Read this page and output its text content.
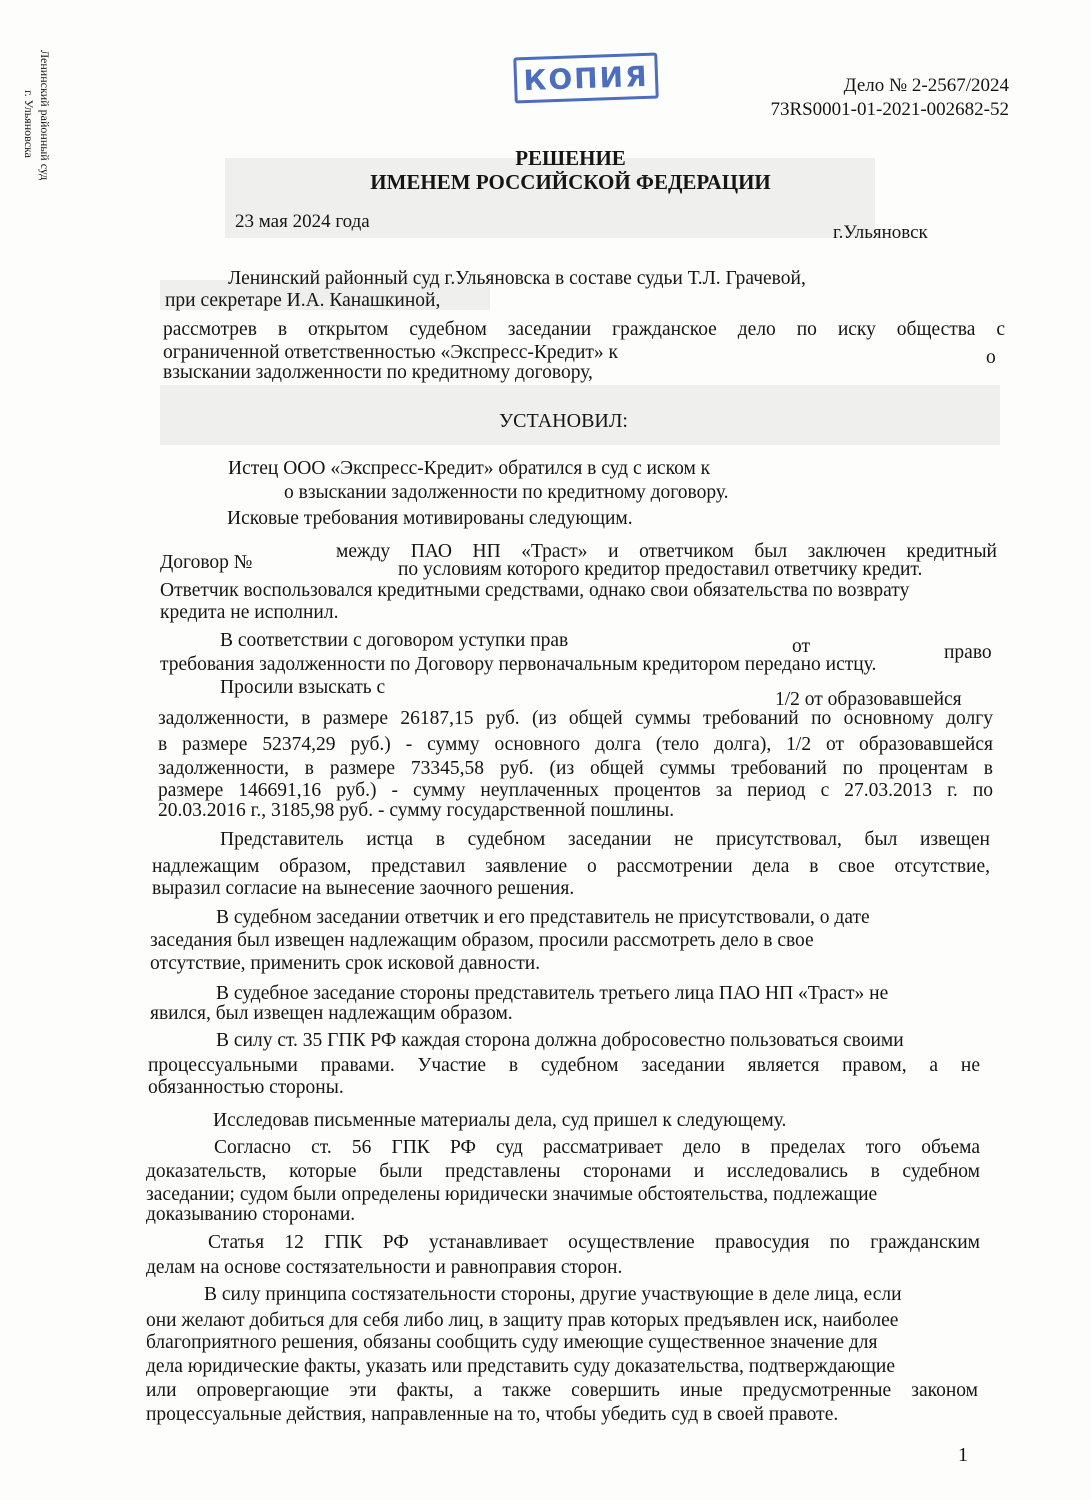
Ленинский районный суд
г. Ульяновска
КОПИЯ	Дело № 2-2567/2024
73RS0001-01-2021-002682-52
РЕШЕНИЕ
ИМЕНЕМ РОССИЙСКОЙ ФЕДЕРАЦИИ
23 мая 2024 года
г.Ульяновск
Ленинский районный суд г.Ульяновска в составе судьи Т.Л. Грачевой,
при секретаре И.А. Канашкиной,
рассмотрев в открытом судебном заседании гражданское дело по иску общества с
ограниченной ответственностью «Экспресс-Кредит» к	о
взыскании задолженности по кредитному договору,
УСТАНОВИЛ:
Истец ООО «Экспресс-Кредит» обратился в суд с иском к
о взыскании задолженности по кредитному договору.
Исковые требования мотивированы следующим.
между ПАО НП «Траст» и ответчиком был заключен кредитный
Договор №	по условиям которого кредитор предоставил ответчику кредит.
Ответчик воспользовался кредитными средствами, однако свои обязательства по возврату
кредита не исполнил.
В соответствии с договором уступки прав	от	право
требования задолженности по Договору первоначальным кредитором передано истцу.
Просили взыскать с
1/2 от образовавшейся
задолженности, в размере 26187,15 руб. (из общей суммы требований по основному долгу
в размере 52374,29 руб.) - сумму основного долга (тело долга), 1/2 от образовавшейся
задолженности, в размере 73345,58 руб. (из общей суммы требований по процентам в
размере 146691,16 руб.) - сумму неуплаченных процентов за период с 27.03.2013 г. по
20.03.2016 г., 3185,98 руб. - сумму государственной пошлины.
Представитель истца в судебном заседании не присутствовал, был извещен
надлежащим образом, представил заявление о рассмотрении дела в свое отсутствие,
выразил согласие на вынесение заочного решения.
В судебном заседании ответчик и его представитель не присутствовали, о дате
заседания был извещен надлежащим образом, просили рассмотреть дело в свое
отсутствие, применить срок исковой давности.
В судебное заседание стороны представитель третьего лица ПАО НП «Траст» не
явился, был извещен надлежащим образом.
В силу ст. 35 ГПК РФ каждая сторона должна добросовестно пользоваться своими
процессуальными правами. Участие в судебном заседании является правом, а не
обязанностью стороны.
Исследовав письменные материалы дела, суд пришел к следующему.
Согласно ст. 56 ГПК РФ суд рассматривает дело в пределах того объема
доказательств, которые были представлены сторонами и исследовались в судебном
заседании; судом были определены юридически значимые обстоятельства, подлежащие
доказыванию сторонами.
Статья 12 ГПК РФ устанавливает осуществление правосудия по гражданским
делам на основе состязательности и равноправия сторон.
В силу принципа состязательности стороны, другие участвующие в деле лица, если
они желают добиться для себя либо лиц, в защиту прав которых предъявлен иск, наиболее
благоприятного решения, обязаны сообщить суду имеющие существенное значение для
дела юридические факты, указать или представить суду доказательства, подтверждающие
или опровергающие эти факты, а также совершить иные предусмотренные законом
процессуальные действия, направленные на то, чтобы убедить суд в своей правоте.
1
